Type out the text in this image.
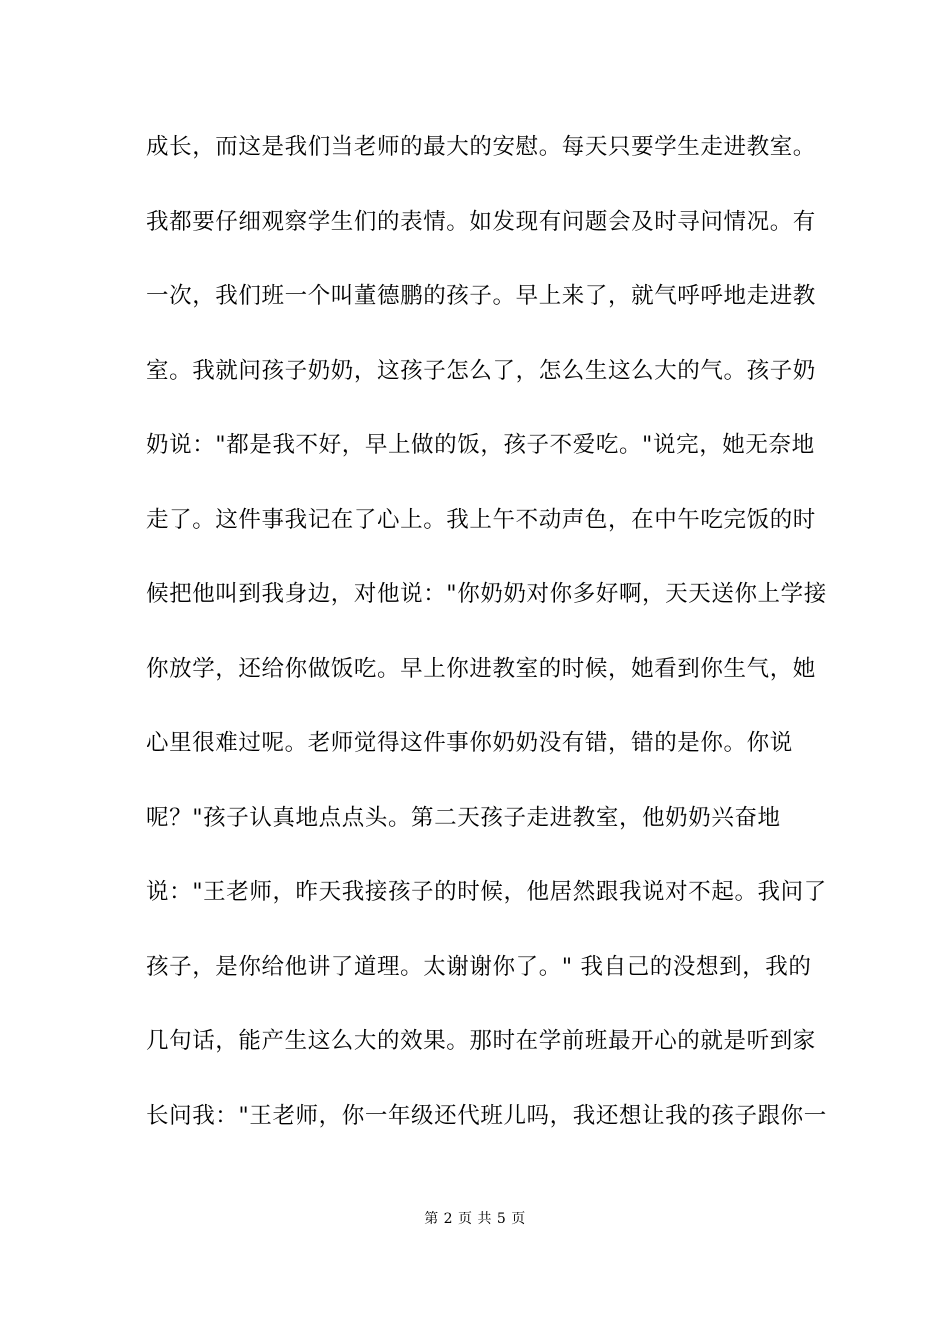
成长，而这是我们当老师的最大的安慰。每天只要学生走进教室。
我都要仔细观察学生们的表情。如发现有问题会及时寻问情况。有
一次，我们班一个叫董德鹏的孩子。早上来了，就气呼呼地走进教
室。我就问孩子奶奶，这孩子怎么了，怎么生这么大的气。孩子奶
奶说："都是我不好，早上做的饭，孩子不爱吃。"说完，她无奈地
走了。这件事我记在了心上。我上午不动声色，在中午吃完饭的时
候把他叫到我身边，对他说："你奶奶对你多好啊，天天送你上学接
你放学，还给你做饭吃。早上你进教室的时候，她看到你生气，她
心里很难过呢。老师觉得这件事你奶奶没有错，错的是你。你说
呢？"孩子认真地点点头。第二天孩子走进教室，他奶奶兴奋地
说："王老师，昨天我接孩子的时候，他居然跟我说对不起。我问了
孩子，是你给他讲了道理。太谢谢你了。" 我自己的没想到，我的
几句话，能产生这么大的效果。那时在学前班最开心的就是听到家
长问我："王老师，你一年级还代班儿吗，我还想让我的孩子跟你一
第 2 页 共 5 页
